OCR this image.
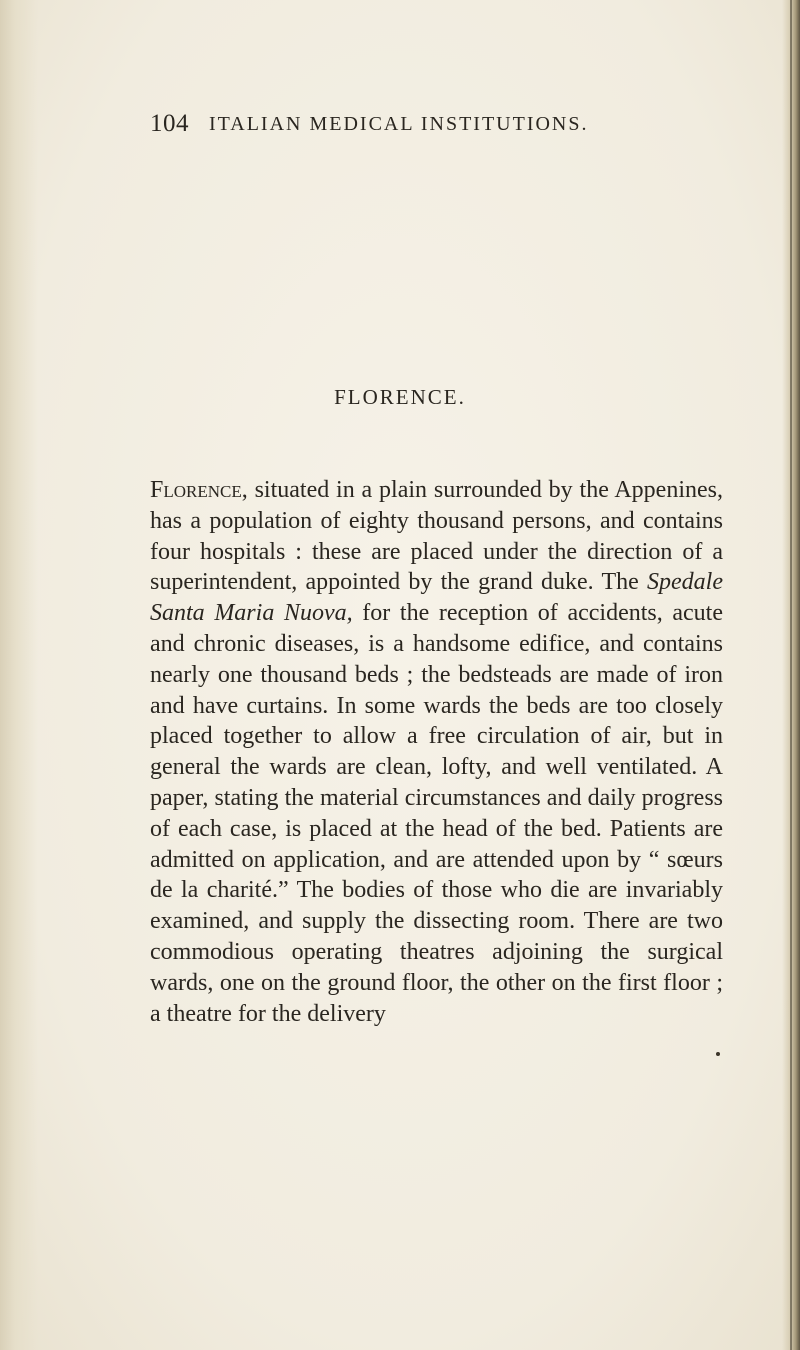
104 ITALIAN MEDICAL INSTITUTIONS.
FLORENCE.

Florence, situated in a plain surrounded by the Appenines, has a population of eighty thousand persons, and contains four hospitals : these are placed under the direction of a superintendent, appointed by the grand duke. The Spedale Santa Maria Nuova, for the reception of accidents, acute and chronic diseases, is a handsome edifice, and contains nearly one thousand beds ; the bedsteads are made of iron and have curtains. In some wards the beds are too closely placed together to allow a free circulation of air, but in general the wards are clean, lofty, and well ventilated. A paper, stating the material circumstances and daily progress of each case, is placed at the head of the bed. Patients are admitted on application, and are attended upon by “ sœurs de la charité.” The bodies of those who die are invariably examined, and supply the dissecting room. There are two commodious operating theatres adjoining the surgical wards, one on the ground floor, the other on the first floor ; a theatre for the delivery
